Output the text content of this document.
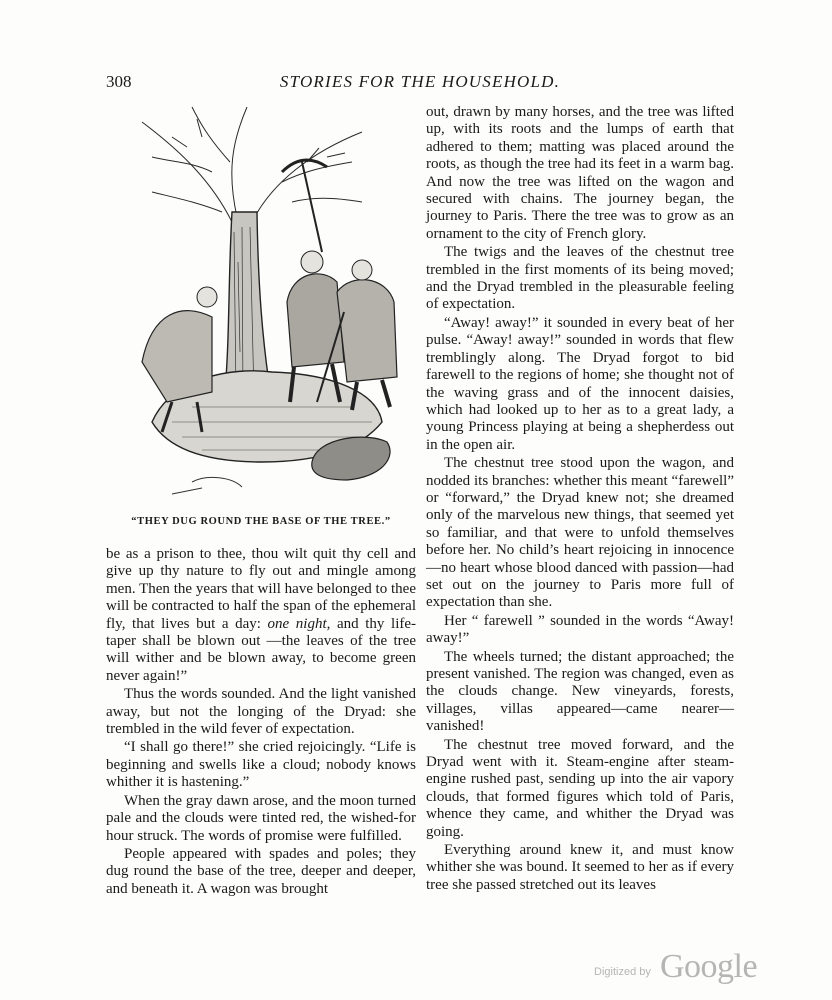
308	STORIES FOR THE HOUSEHOLD.
“THEY DUG ROUND THE BASE OF THE TREE.”

be as a prison to thee, thou wilt quit thy cell and give up thy nature to fly out and mingle among men. Then the years that will have belonged to thee will be contracted to half the span of the ephemeral fly, that lives but a day: one night, and thy life-taper shall be blown out —the leaves of the tree will wither and be blown away, to become green never again!”

Thus the words sounded. And the light vanished away, but not the longing of the Dryad: she trembled in the wild fever of expectation.

“I shall go there!” she cried rejoicingly. “Life is beginning and swells like a cloud; nobody knows whither it is hastening.”

When the gray dawn arose, and the moon turned pale and the clouds were tinted red, the wished-for hour struck. The words of promise were fulfilled.

People appeared with spades and poles; they dug round the base of the tree, deeper and deeper, and beneath it. A wagon was brought

out, drawn by many horses, and the tree was lifted up, with its roots and the lumps of earth that adhered to them; matting was placed around the roots, as though the tree had its feet in a warm bag. And now the tree was lifted on the wagon and secured with chains. The journey began, the journey to Paris. There the tree was to grow as an ornament to the city of French glory.

The twigs and the leaves of the chestnut tree trembled in the first moments of its being moved; and the Dryad trembled in the pleasurable feeling of expectation.

“Away! away!” it sounded in every beat of her pulse. “Away! away!” sounded in words that flew tremblingly along. The Dryad forgot to bid farewell to the regions of home; she thought not of the waving grass and of the innocent daisies, which had looked up to her as to a great lady, a young Princess playing at being a shepherdess out in the open air.

The chestnut tree stood upon the wagon, and nodded its branches: whether this meant “farewell” or “forward,” the Dryad knew not; she dreamed only of the marvelous new things, that seemed yet so familiar, and that were to unfold themselves before her. No child’s heart rejoicing in innocence—no heart whose blood danced with passion—had set out on the journey to Paris more full of expectation than she.

Her “ farewell ” sounded in the words “Away! away!”

The wheels turned; the distant approached; the present vanished. The region was changed, even as the clouds change. New vineyards, forests, villages, villas appeared—came nearer— vanished!

The chestnut tree moved forward, and the Dryad went with it. Steam-engine after steamengine rushed past, sending up into the air vapory clouds, that formed figures which told of Paris, whence they came, and whither the Dryad was going.

Everything around knew it, and must know whither she was bound. It seemed to her as if every tree she passed stretched out its leaves

Digitized by Google
